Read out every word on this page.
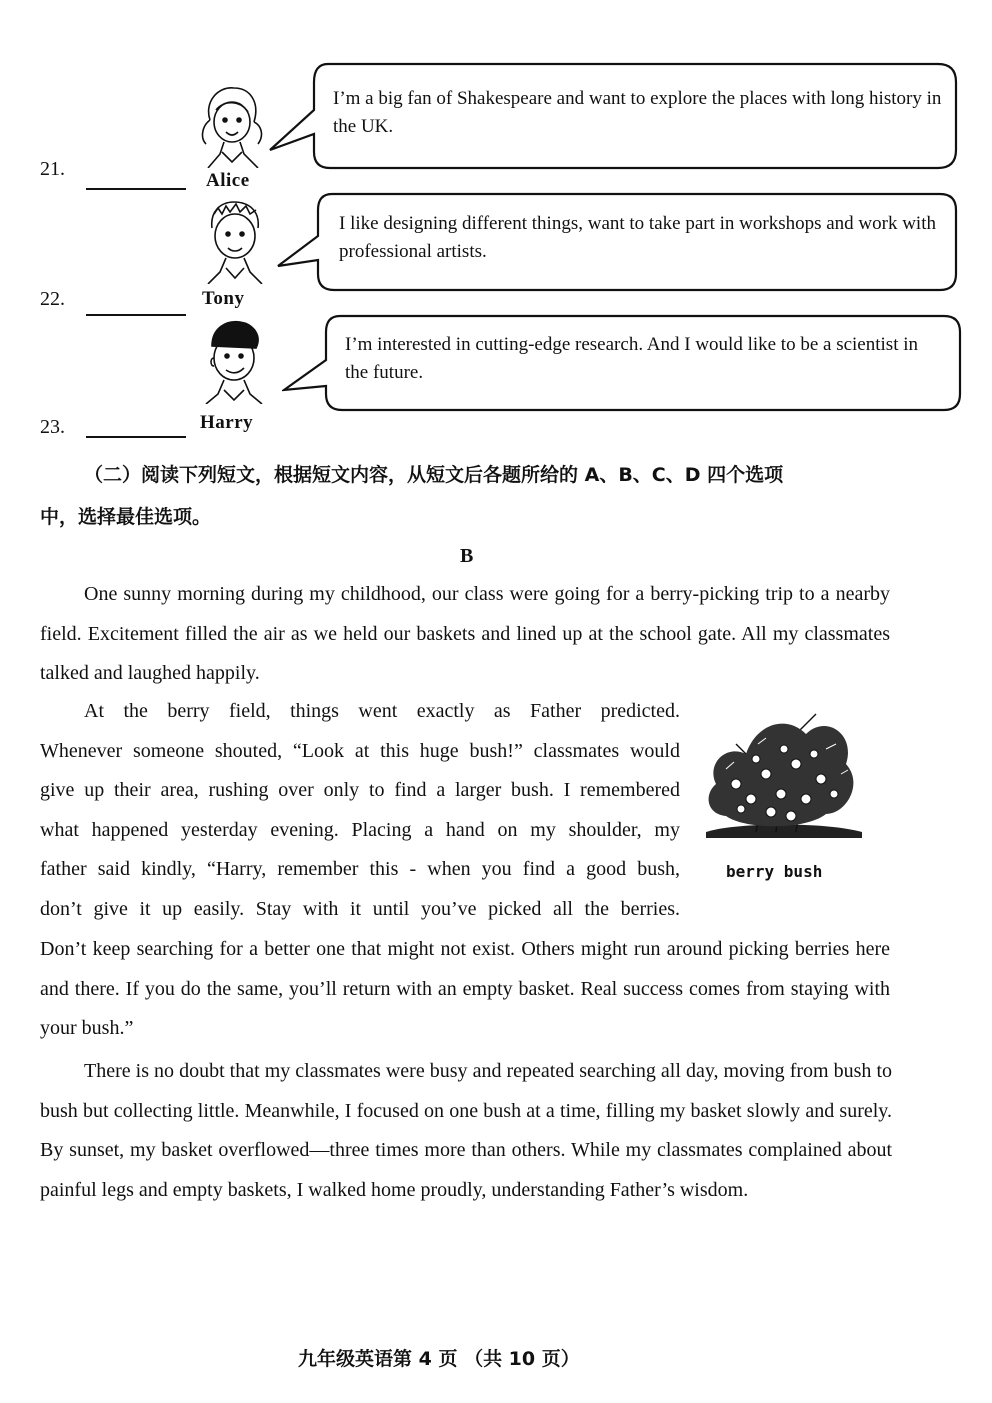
21.
Alice
I’m a big fan of Shakespeare and want to explore the places with long history in the UK.
22.	Tony
I like designing different things, want to take part in workshops and work with professional artists.
23.	Harry
I’m interested in cutting-edge research. And I would like to be a scientist in the future.
（二）阅读下列短文，根据短文内容，从短文后各题所给的 A、B、C、D 四个选项
中，选择最佳选项。
B

One sunny morning during my childhood, our class were going for a berry-picking trip to a nearby field. Excitement filled the air as we held our baskets and lined up at the school gate. All my classmates talked and laughed happily.

At the berry field, things went exactly as Father predicted.
Whenever someone shouted, “Look at this huge bush!” classmates would
give up their area, rushing over only to find a larger bush. I remembered
what happened yesterday evening. Placing a hand on my shoulder, my
father said kindly, “Harry, remember this - when you find a good bush,
don’t give it up easily. Stay with it until you’ve picked all the berries.
berry bush
Don’t keep searching for a better one that might not exist. Others might run around picking berries here and there. If you do the same, you’ll return with an empty basket. Real success comes from staying with your bush.”

There is no doubt that my classmates were busy and repeated searching all day, moving from bush to bush but collecting little. Meanwhile, I focused on one bush at a time, filling my basket slowly and surely. By sunset, my basket overflowed—three times more than others. While my classmates complained about painful legs and empty baskets, I walked home proudly, understanding Father’s wisdom.

九年级英语第 4 页 （共 10 页）
